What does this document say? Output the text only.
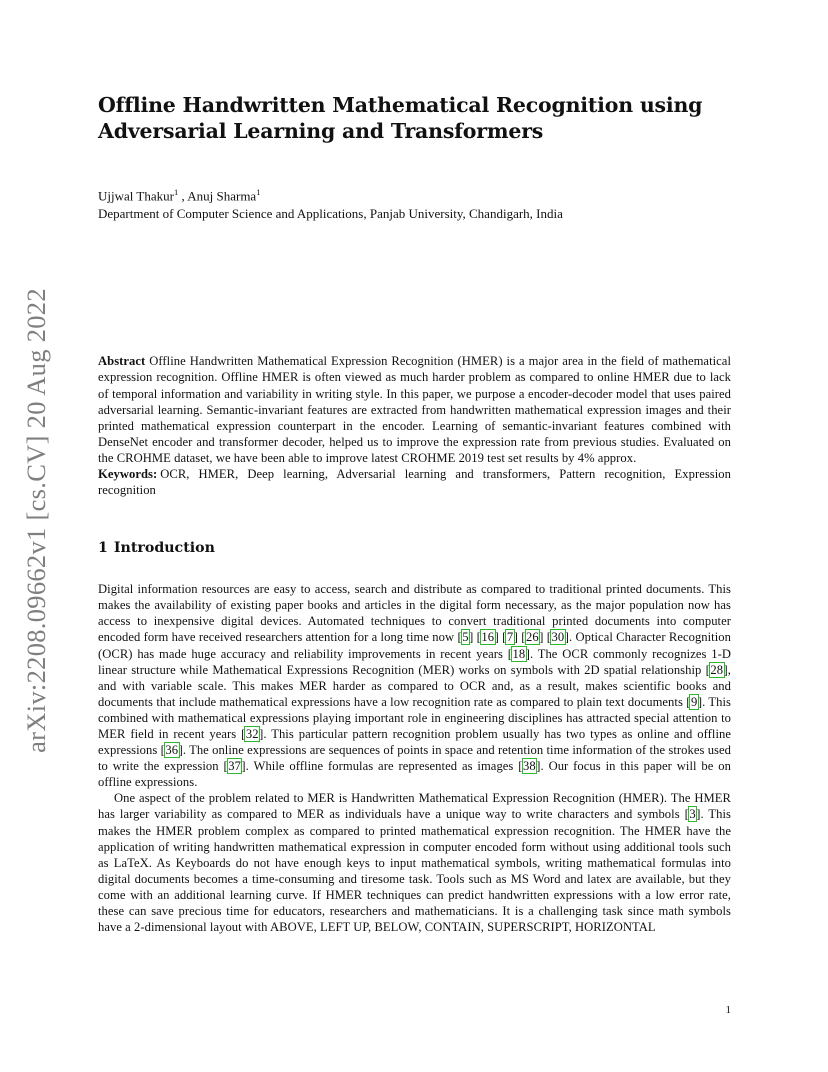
arXiv:2208.09662v1 [cs.CV] 20 Aug 2022
Offline Handwritten Mathematical Recognition using
Adversarial Learning and Transformers
Ujjwal Thakur$^1$ , Anuj Sharma$^1$
Department of Computer Science and Applications, Panjab University, Chandigarh, India

Abstract Offline Handwritten Mathematical Expression Recognition (HMER) is a major area in the field of mathematical expression recognition. Offline HMER is often viewed as much harder problem as compared to online HMER due to lack of temporal information and variability in writing style. In this paper, we purpose a encoder-decoder model that uses paired adversarial learning. Semantic-invariant features are extracted from handwritten mathematical expression images and their printed mathematical expression counterpart in the encoder. Learning of semantic-invariant features combined with DenseNet encoder and transformer decoder, helped us to improve the expression rate from previous studies. Evaluated on the CROHME dataset, we have been able to improve latest CROHME 2019 test set results by 4% approx.

Keywords: OCR, HMER, Deep learning, Adversarial learning and transformers, Pattern recognition, Expression recognition

1 Introduction

Digital information resources are easy to access, search and distribute as compared to traditional printed documents. This makes the availability of existing paper books and articles in the digital form necessary, as the major population now has access to inexpensive digital devices. Automated techniques to convert traditional printed documents into computer encoded form have received researchers attention for a long time now [ 5 ] [ 16 ] [ 7 ] [ 26 ] [ 30 ] . Optical Character Recognition (OCR) has made huge accuracy and reliability improvements in recent years [ 18 ] . The OCR commonly recognizes 1-D linear structure while Mathematical Expressions Recognition (MER) works on symbols with 2D spatial relationship [ 28 ] , and with variable scale. This makes MER harder as compared to OCR and, as a result, makes scientific books and documents that include mathematical expressions have a low recognition rate as compared to plain text documents [ 9 ] . This combined with mathematical expressions playing important role in engineering disciplines has attracted special attention to MER field in recent years [ 32 ] . This particular pattern recognition problem usually has two types as online and offline expressions [ 36 ] . The online expressions are sequences of points in space and retention time information of the strokes used to write the expression [ 37 ] . While offline formulas are represented as images [ 38 ] . Our focus in this paper will be on offline expressions.

One aspect of the problem related to MER is Handwritten Mathematical Expression Recognition (HMER). The HMER has larger variability as compared to MER as individuals have a unique way to write characters and symbols [ 3 ] . This makes the HMER problem complex as compared to printed mathematical expression recognition. The HMER have the application of writing handwritten mathematical expression in computer encoded form without using additional tools such as LaTeX. As Keyboards do not have enough keys to input mathematical symbols, writing mathematical formulas into digital documents becomes a time-consuming and tiresome task. Tools such as MS Word and latex are available, but they come with an additional learning curve. If HMER techniques can predict handwritten expressions with a low error rate, these can save precious time for educators, researchers and mathematicians. It is a challenging task since math symbols have a 2-dimensional layout with ABOVE, LEFT UP, BELOW, CONTAIN, SUPERSCRIPT, HORIZONTAL

1
